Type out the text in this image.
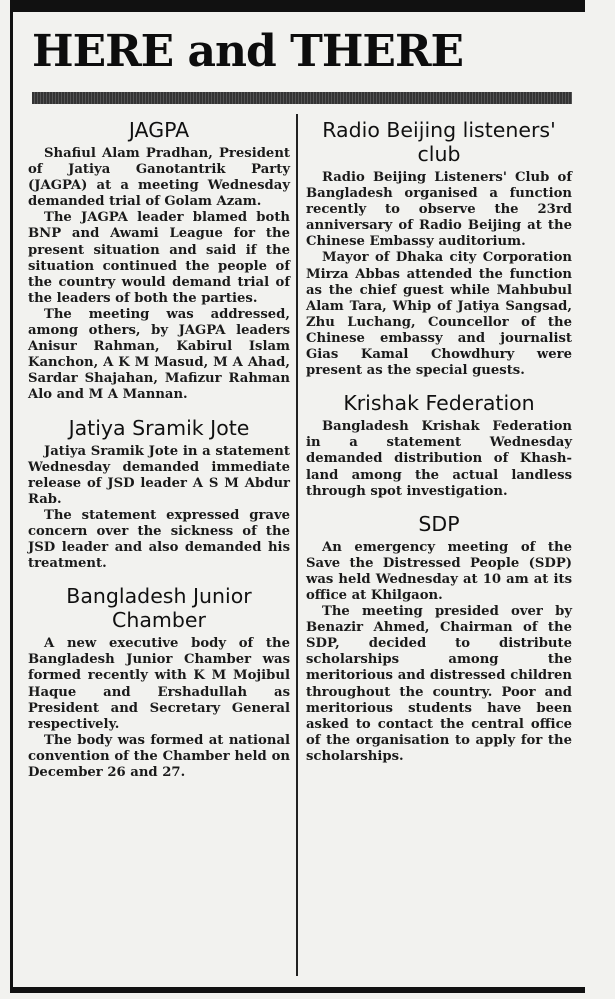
HERE and THERE
JAGPA

Shafiul Alam Pradhan, President of Jatiya Ganotantrik Party (JAGPA) at a meeting Wednesday demanded trial of Golam Azam.

The JAGPA leader blamed both BNP and Awami League for the present situation and said if the situation continued the people of the country would demand trial of the leaders of both the parties.

The meeting was addressed, among others, by JAGPA leaders Anisur Rahman, Kabirul Islam Kanchon, A K M Masud, M A Ahad, Sardar Shajahan, Mafizur Rahman Alo and M A Mannan.

Jatiya Sramik Jote

Jatiya Sramik Jote in a statement Wednesday demanded immediate release of JSD leader A S M Abdur Rab.

The statement expressed grave concern over the sickness of the JSD leader and also demanded his treatment.

Bangladesh Junior Chamber

A new executive body of the Bangladesh Junior Chamber was formed recently with K M Mojibul Haque and Ershadullah as President and Secretary General respectively.

The body was formed at national convention of the Chamber held on December 26 and 27.

Radio Beijing listeners' club

Radio Beijing Listeners' Club of Bangladesh organised a function recently to observe the 23rd anniversary of Radio Beijing at the Chinese Embassy auditorium.

Mayor of Dhaka city Corporation Mirza Abbas attended the function as the chief guest while Mahbubul Alam Tara, Whip of Jatiya Sangsad, Zhu Luchang, Councellor of the Chinese embassy and journalist Gias Kamal Chowdhury were present as the special guests.

Krishak Federation

Bangladesh Krishak Federation in a statement Wednesday demanded distribution of Khash-land among the actual landless through spot investigation.

SDP

An emergency meeting of the Save the Distressed People (SDP) was held Wednesday at 10 am at its office at Khilgaon.

The meeting presided over by Benazir Ahmed, Chairman of the SDP, decided to distribute scholarships among the meritorious and distressed children throughout the country. Poor and meritorious students have been asked to contact the central office of the organisation to apply for the scholarships.
